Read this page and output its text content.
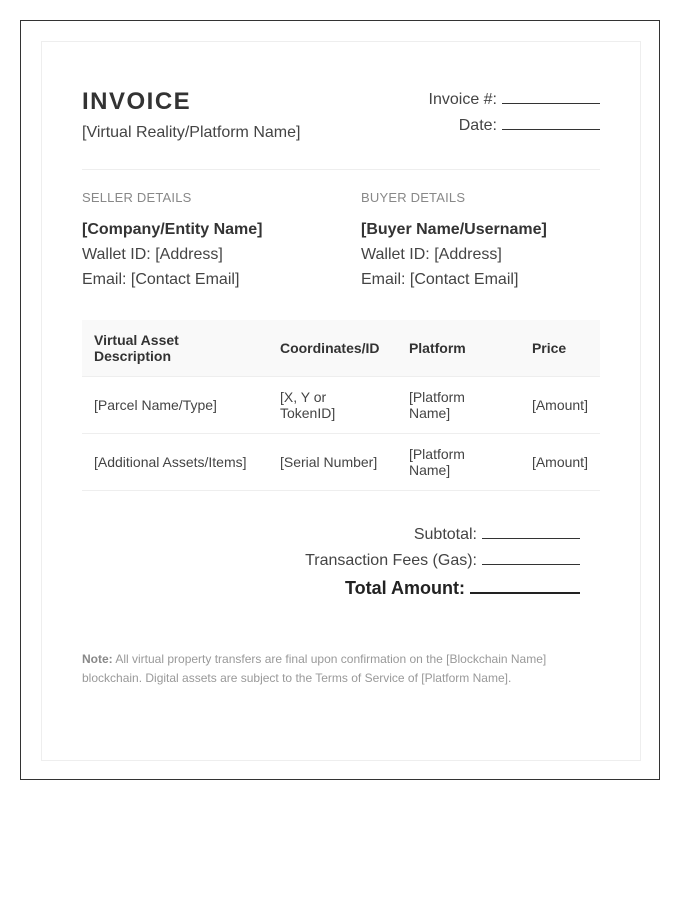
INVOICE
[Virtual Reality/Platform Name]
Invoice #:
Date:
SELLER DETAILS
[Company/Entity Name]
Wallet ID: [Address]
Email: [Contact Email]
BUYER DETAILS
[Buyer Name/Username]
Wallet ID: [Address]
Email: [Contact Email]
Virtual Asset Description	Coordinates/ID	Platform	Price
[Parcel Name/Type]	[X, Y or TokenID]	[Platform Name]	[Amount]
[Additional Assets/Items]	[Serial Number]	[Platform Name]	[Amount]
Subtotal:
Transaction Fees (Gas):
Total Amount:
Note: All virtual property transfers are final upon confirmation on the [Blockchain Name] blockchain. Digital assets are subject to the Terms of Service of [Platform Name].
